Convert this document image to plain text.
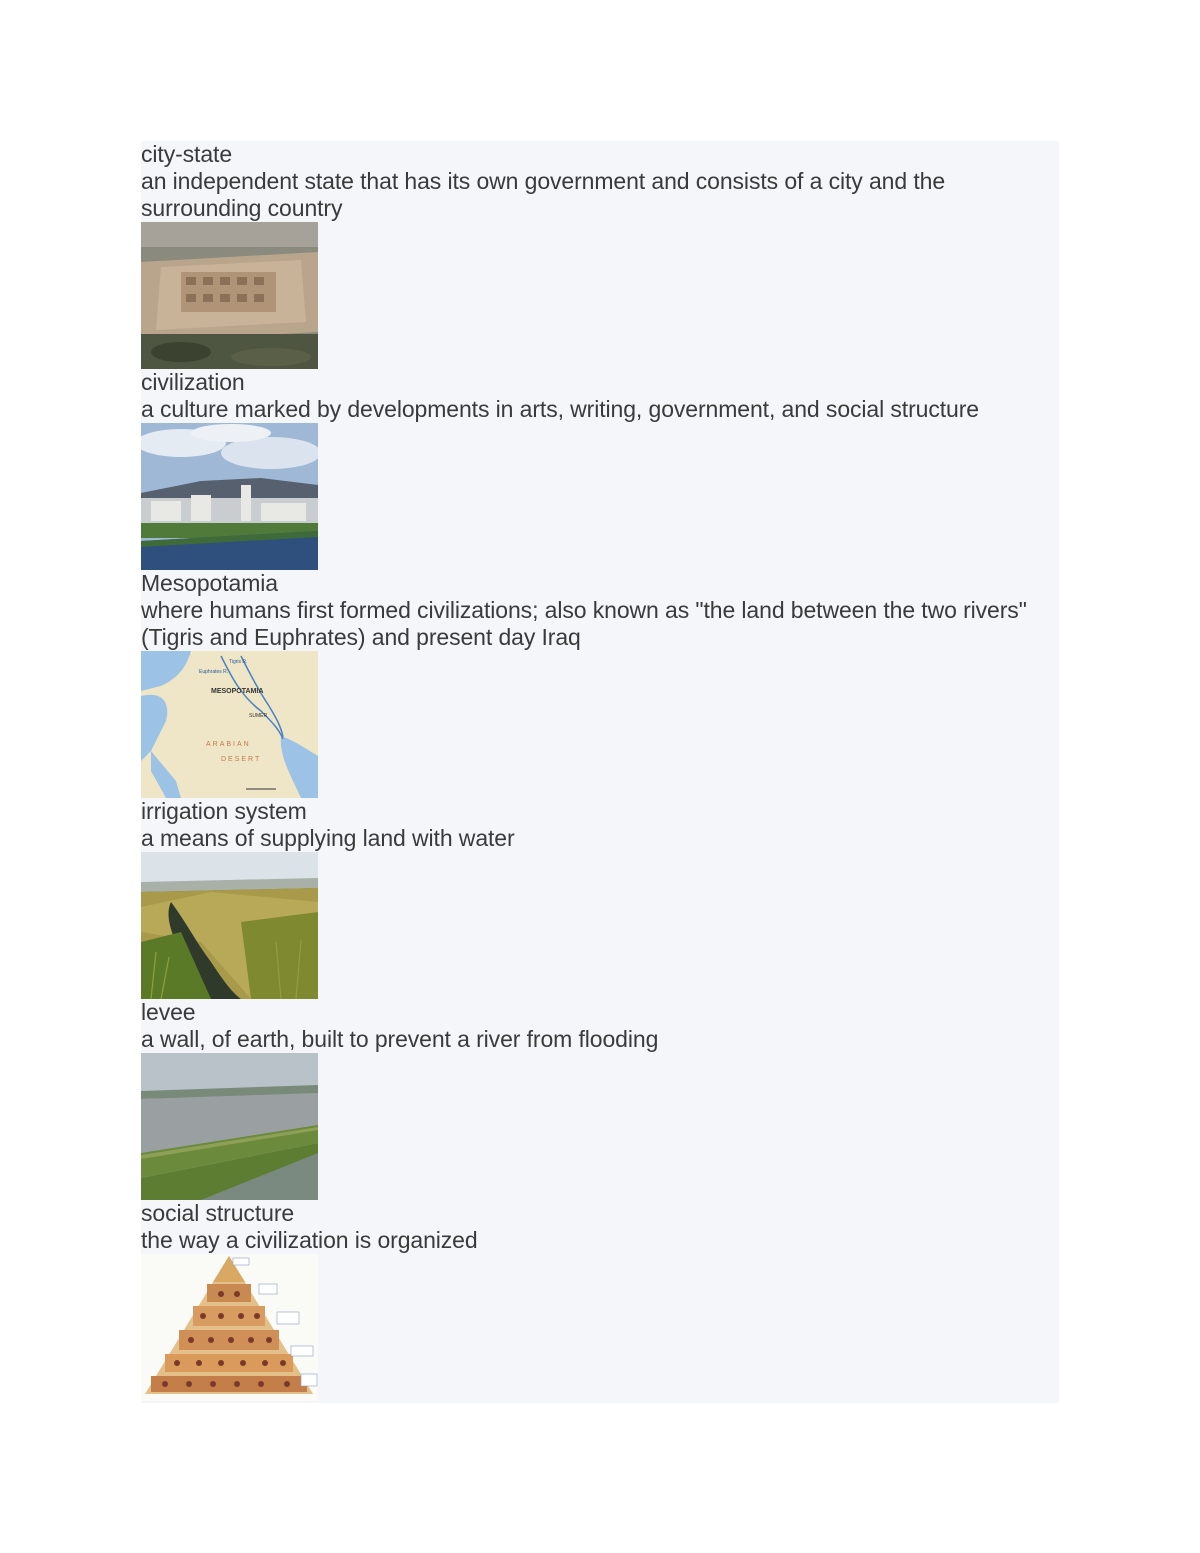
city-state

an independent state that has its own government and consists of a city and the surrounding country

civilization

a culture marked by developments in arts, writing, government, and social structure

Mesopotamia

where humans first formed civilizations; also known as "the land between the two rivers" (Tigris and Euphrates) and present day Iraq

MESOPOTAMIA
ARABIAN
DESERT
SUMER
Tigris R.
Euphrates R.

irrigation system

a means of supplying land with water

levee

a wall, of earth, built to prevent a river from flooding

social structure

the way a civilization is organized
